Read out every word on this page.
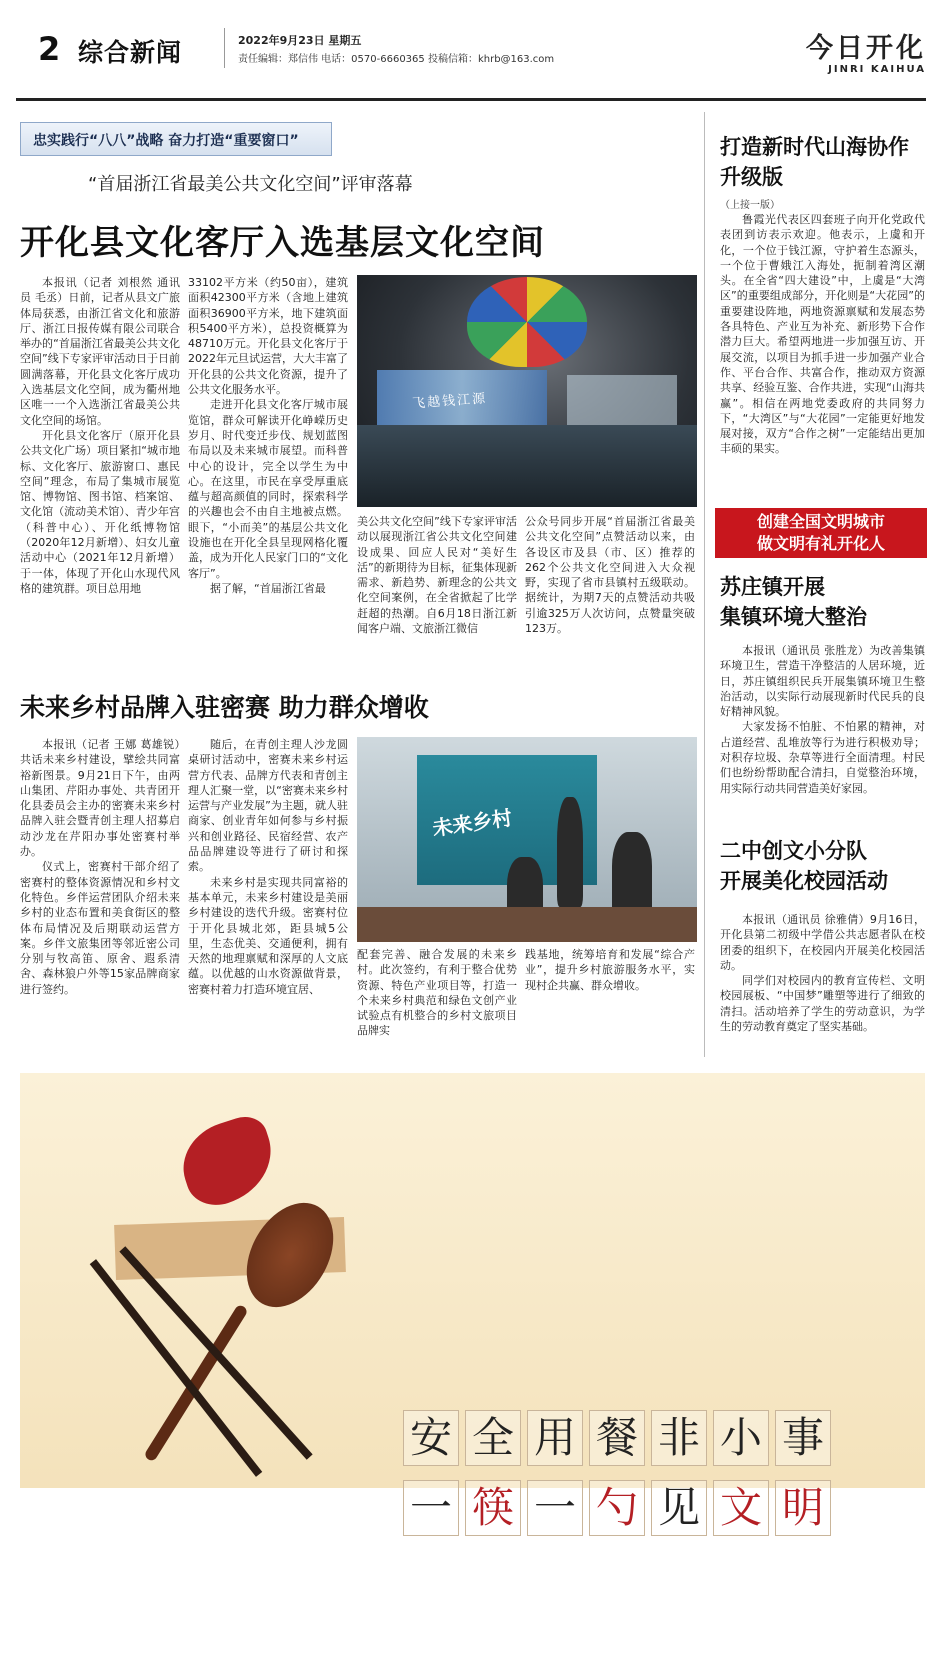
2 综合新闻	2022年9月23日 星期五
责任编辑：郑信伟 电话：0570-6660365 投稿信箱：khrb@163.com	今日开化
JINRI KAIHUA
忠实践行“八八”战略 奋力打造“重要窗口”
“首届浙江省最美公共文化空间”评审落幕
开化县文化客厅入选基层文化空间

本报讯（记者 刘根然 通讯员 毛丞）日前，记者从县文广旅体局获悉，由浙江省文化和旅游厅、浙江日报传媒有限公司联合举办的“首届浙江省最美公共文化空间”线下专家评审活动日于日前圆满落幕，开化县文化客厅成功入选基层文化空间，成为衢州地区唯一一个入选浙江省最美公共文化空间的场馆。

开化县文化客厅（原开化县公共文化广场）项目紧扣“城市地标、文化客厅、旅游窗口、惠民空间”理念，布局了集城市展览馆、博物馆、图书馆、档案馆、文化馆（流动美术馆）、青少年宫（科普中心）、开化纸博物馆（2020年12月新增）、妇女儿童活动中心（2021年12月新增）于一体，体现了开化山水现代风格的建筑群。项目总用地

33102平方米（约50亩），建筑面积42300平方米（含地上建筑面积36900平方米，地下建筑面积5400平方米），总投资概算为48710万元。开化县文化客厅于2022年元旦试运营，大大丰富了开化县的公共文化资源，提升了公共文化服务水平。

走进开化县文化客厅城市展览馆，群众可解读开化峥嵘历史岁月、时代变迁步伐、规划蓝图布局以及未来城市展望。而科普中心的设计，完全以学生为中心。在这里，市民在享受厚重底蕴与超高颜值的同时，探索科学的兴趣也会不由自主地被点燃。眼下，“小而美”的基层公共文化设施也在开化全县呈现网格化覆盖，成为开化人民家门口的“文化客厅”。

据了解，“首届浙江省最

飞越钱江源

美公共文化空间”线下专家评审活动以展现浙江省公共文化空间建设成果、回应人民对“美好生活”的新期待为目标，征集体现新需求、新趋势、新理念的公共文化空间案例，在全省掀起了比学赶超的热潮。自6月18日浙江新闻客户端、文旅浙江微信

公众号同步开展“首届浙江省最美公共文化空间”点赞活动以来，由各设区市及县（市、区）推荐的262个公共文化空间进入大众视野，实现了省市县镇村五级联动。据统计，为期7天的点赞活动共吸引逾325万人次访问，点赞量突破123万。

未来乡村品牌入驻密赛 助力群众增收

本报讯（记者 王娜 葛雄锐）共话未来乡村建设，擘绘共同富裕新图景。9月21日下午，由两山集团、芹阳办事处、共青团开化县委员会主办的密赛未来乡村品牌入驻会暨青创主理人招募启动沙龙在芹阳办事处密赛村举办。

仪式上，密赛村干部介绍了密赛村的整体资源情况和乡村文化特色。乡伴运营团队介绍未来乡村的业态布置和美食街区的整体布局情况及后期联动运营方案。乡伴文旅集团等邻近密公司分别与牧高笛、原舍、遐系清舍、森林狼户外等15家品牌商家进行签约。

随后，在青创主理人沙龙圆桌研讨活动中，密赛未来乡村运营方代表、品牌方代表和青创主理人汇聚一堂，以“密赛未来乡村运营与产业发展”为主题，就人驻商家、创业青年如何参与乡村振兴和创业路径、民宿经营、农产品品牌建设等进行了研讨和探索。

未来乡村是实现共同富裕的基本单元，未来乡村建设是美丽乡村建设的迭代升级。密赛村位于开化县城北郊，距县城5公里，生态优美、交通便利，拥有天然的地理禀赋和深厚的人文底蕴。以优越的山水资源做背景，密赛村着力打造环境宜居、

未来乡村

配套完善、融合发展的未来乡村。此次签约，有利于整合优势资源、特色产业项目等，打造一个未来乡村典范和绿色文创产业试验点有机整合的乡村文旅项目品牌实

践基地，统筹培育和发展“综合产业”，提升乡村旅游服务水平，实现村企共赢、群众增收。

打造新时代山海协作升级版
（上接一版）

鲁霞光代表区四套班子向开化党政代表团到访表示欢迎。他表示，上虞和开化，一个位于钱江源，守护着生态源头，一个位于曹娥江入海处，扼制着湾区潮头。在全省“四大建设”中，上虞是“大湾区”的重要组成部分，开化则是“大花园”的重要建设阵地，两地资源禀赋和发展态势各具特色、产业互为补充、新形势下合作潜力巨大。希望两地进一步加强互访、开展交流，以项目为抓手进一步加强产业合作、平台合作、共富合作，推动双方资源共享、经验互鉴、合作共进，实现“山海共赢”。相信在两地党委政府的共同努力下，“大湾区”与“大花园”一定能更好地发展对接，双方“合作之树”一定能结出更加丰硕的果实。

创建全国文明城市
做文明有礼开化人
苏庄镇开展
集镇环境大整治

本报讯（通讯员 张胜龙）为改善集镇环境卫生，营造干净整洁的人居环境，近日，苏庄镇组织民兵开展集镇环境卫生整治活动，以实际行动展现新时代民兵的良好精神风貌。

大家发扬不怕脏、不怕累的精神，对占道经营、乱堆放等行为进行积极劝导；对积存垃圾、杂草等进行全面清理。村民们也纷纷帮助配合清扫，自觉整治环境，用实际行动共同营造美好家园。

二中创文小分队
开展美化校园活动

本报讯（通讯员 徐雅倩）9月16日，开化县第二初级中学借公共志愿者队在校团委的组织下，在校园内开展美化校园活动。

同学们对校园内的教育宣传栏、文明校园展板、“中国梦”雕塑等进行了细致的清扫。活动培养了学生的劳动意识，为学生的劳动教育奠定了坚实基础。

安 全 用 餐 非 小 事
一 筷 一 勺 见 文 明
酒店餐厅、机关食堂、活动聚餐、家庭用餐请用公筷公勺。
培育健康生活理念，养成文明好习惯。
